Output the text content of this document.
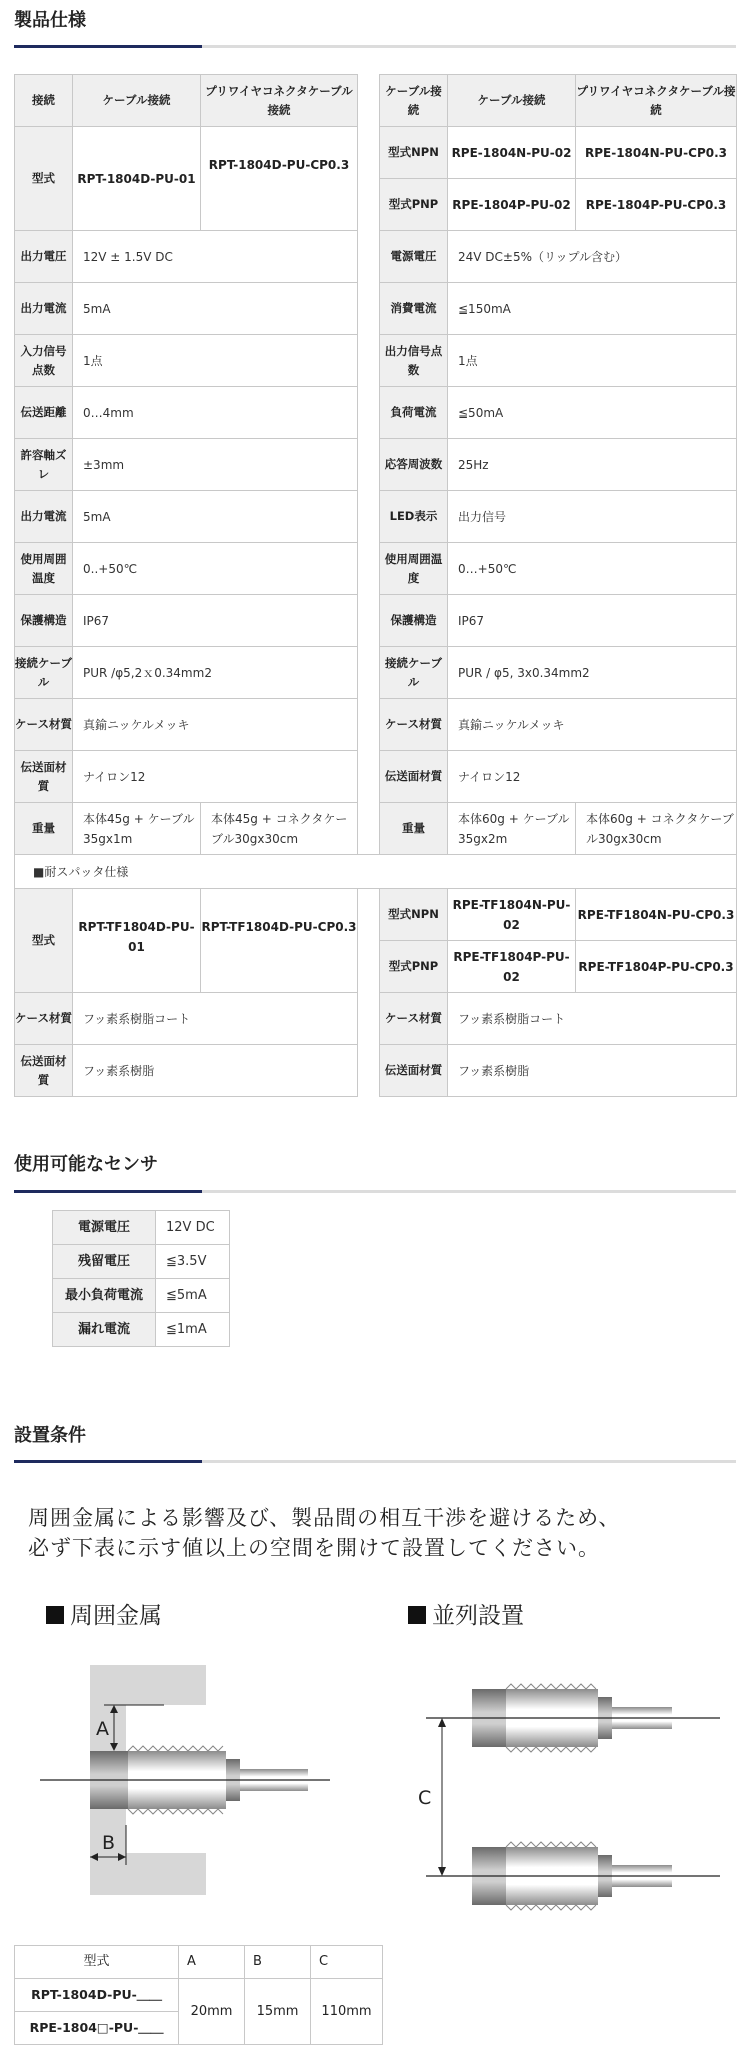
製品仕様
接続	ケーブル接続	プリワイヤコネクタケーブル接続		ケーブル接続	ケーブル接続	プリワイヤコネクタケーブル接続
型式	RPT-1804D-PU-01	RPT-1804D-PU-CP0.3		型式NPN	RPE-1804N-PU-02	RPE-1804N-PU-CP0.3
				型式PNP	RPE-1804P-PU-02	RPE-1804P-PU-CP0.3
出力電圧	12V ± 1.5V DC			電源電圧	24V DC±5%（リップル含む）	
出力電流	5mA			消費電流	≦150mA	
入力信号点数	1点			出力信号点数	1点	
伝送距離	0…4mm			負荷電流	≦50mA	
許容軸ズレ	±3mm			応答周波数	25Hz	
出力電流	5mA			LED表示	出力信号	
使用周囲温度	0..+50℃			使用周囲温度	0…+50℃	
保護構造	IP67			保護構造	IP67	
接続ケーブル	PUR /φ5,2ｘ0.34mm2			接続ケーブル	PUR / φ5, 3x0.34mm2	
ケース材質	真鍮ニッケルメッキ			ケース材質	真鍮ニッケルメッキ	
伝送面材質	ナイロン12			伝送面材質	ナイロン12	
重量	本体45g + ケーブル35gx1m	本体45g + コネクタケーブル30gx30cm		重量	本体60g + ケーブル35gx2m	本体60g + コネクタケーブル30gx30cm
■耐スパッタ仕様						
型式	RPT-TF1804D-PU-01	RPT-TF1804D-PU-CP0.3		型式NPN	RPE-TF1804N-PU-02	RPE-TF1804N-PU-CP0.3
				型式PNP	RPE-TF1804P-PU-02	RPE-TF1804P-PU-CP0.3
ケース材質	フッ素系樹脂コート			ケース材質	フッ素系樹脂コート	
伝送面材質	フッ素系樹脂			伝送面材質	フッ素系樹脂	
使用可能なセンサ
電源電圧	12V DC
残留電圧	≦3.5V
最小負荷電流	≦5mA
漏れ電流	≦1mA
設置条件
周囲金属による影響及び、製品間の相互干渉を避けるため、
必ず下表に示す値以上の空間を開けて設置してください。
周囲金属	並列設置
A
B
C
型式	A	B	C
RPT-1804D-PU-＿＿	20mm	15mm	110mm
RPE-1804□-PU-＿＿			
